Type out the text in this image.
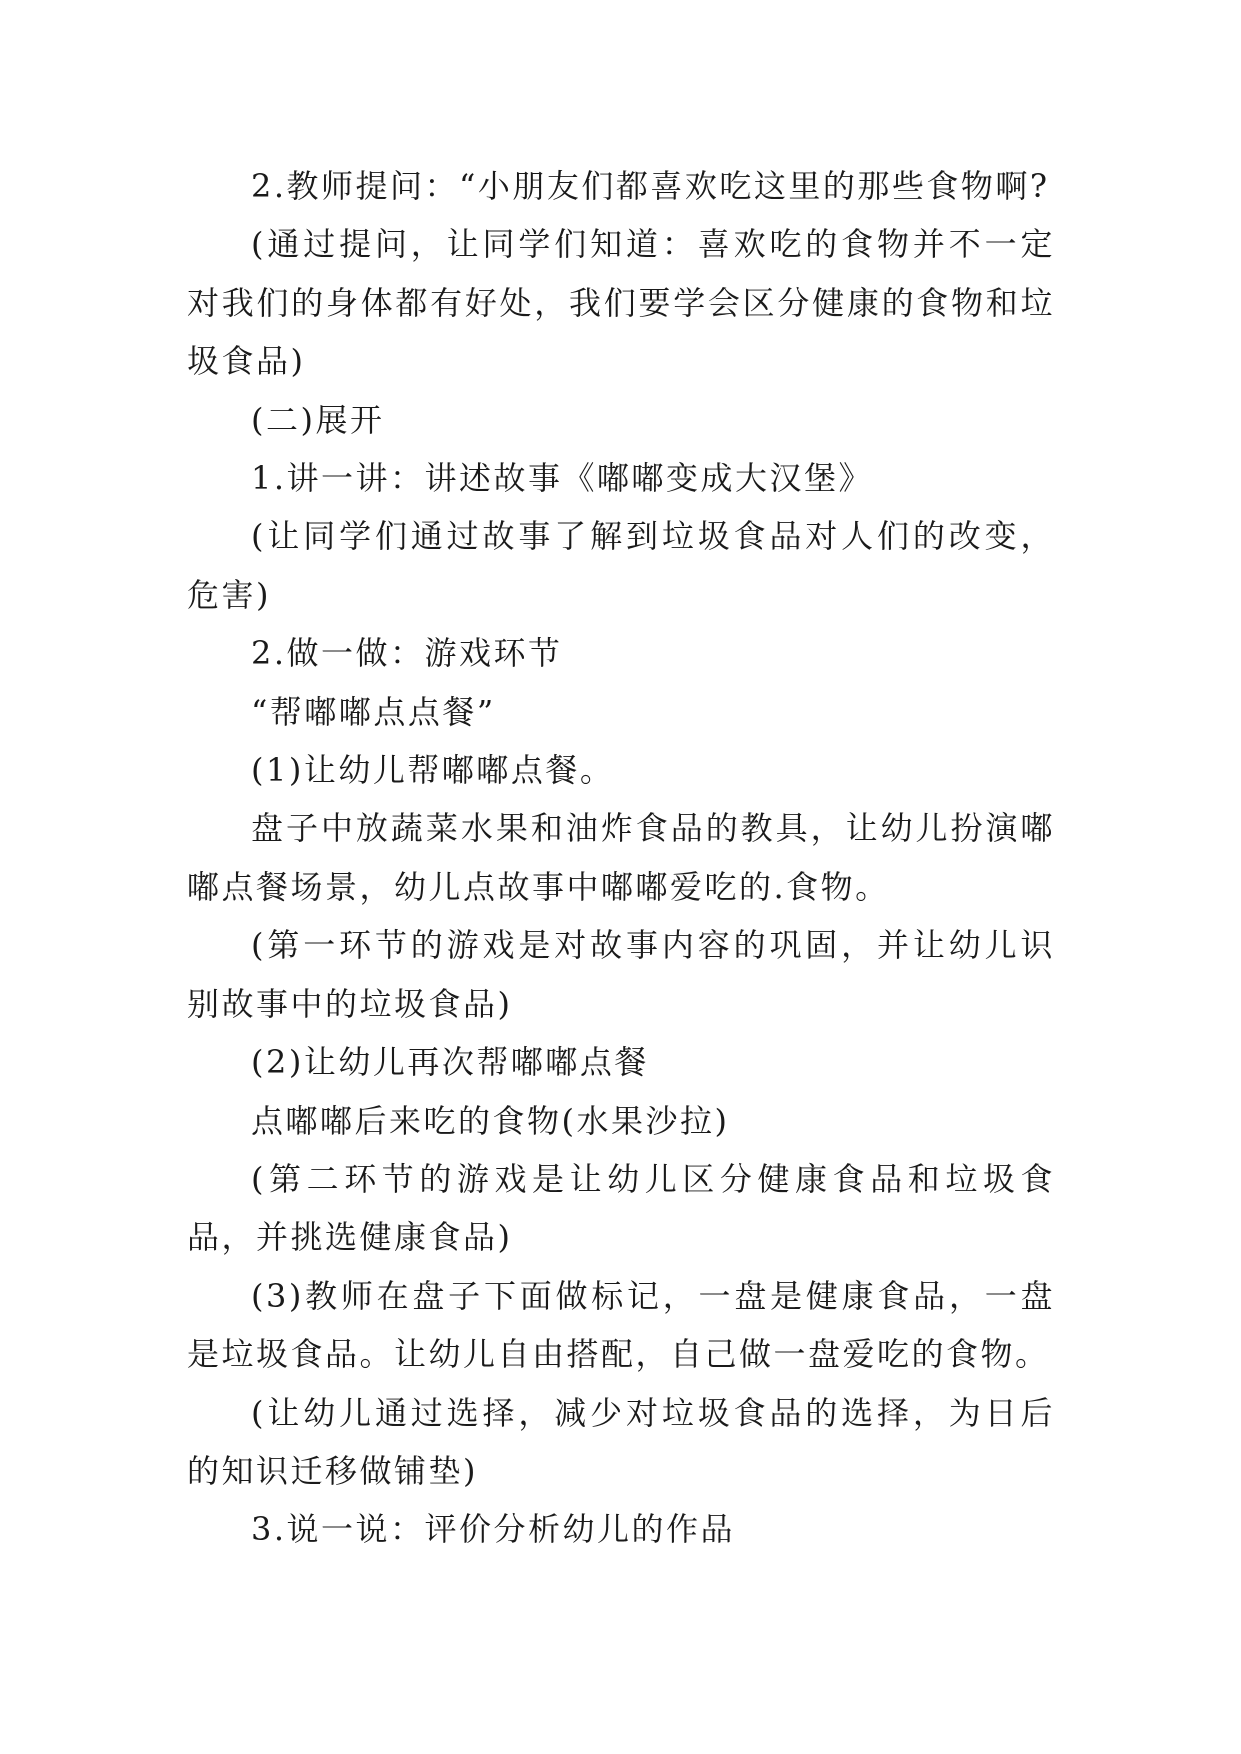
2.教师提问：“小朋友们都喜欢吃这里的那些食物啊?

(通过提问，让同学们知道：喜欢吃的食物并不一定对我们的身体都有好处，我们要学会区分健康的食物和垃圾食品)

(二)展开

1.讲一讲：讲述故事《嘟嘟变成大汉堡》

(让同学们通过故事了解到垃圾食品对人们的改变，危害)

2.做一做：游戏环节

“帮嘟嘟点点餐”

(1)让幼儿帮嘟嘟点餐。

盘子中放蔬菜水果和油炸食品的教具，让幼儿扮演嘟嘟点餐场景，幼儿点故事中嘟嘟爱吃的.食物。

(第一环节的游戏是对故事内容的巩固，并让幼儿识别故事中的垃圾食品)

(2)让幼儿再次帮嘟嘟点餐

点嘟嘟后来吃的食物(水果沙拉)

(第二环节的游戏是让幼儿区分健康食品和垃圾食品，并挑选健康食品)

(3)教师在盘子下面做标记，一盘是健康食品，一盘是垃圾食品。让幼儿自由搭配，自己做一盘爱吃的食物。

(让幼儿通过选择，减少对垃圾食品的选择，为日后的知识迁移做铺垫)

3.说一说：评价分析幼儿的作品
